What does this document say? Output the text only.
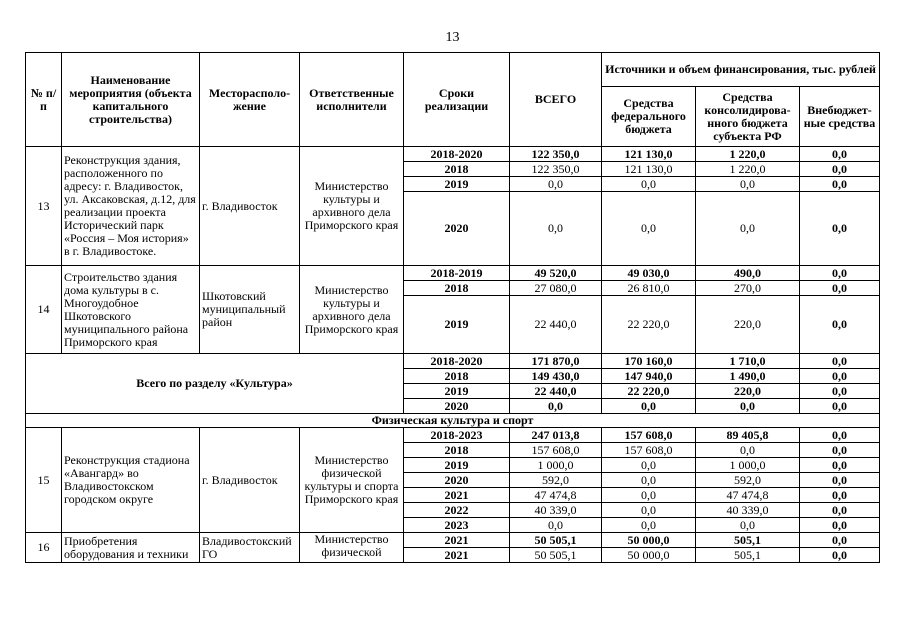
13
№ п/п	Наименование мероприятия (объекта капитального строительства)	Месторасполо-жение	Ответственные исполнители	Сроки реализации	ВСЕГО	Источники и объем финансирования, тыс. рублей		
						Средства федерального бюджета	Средства консолидирова-нного бюджета субъекта РФ	Внебюджет-ные средства
13	Реконструкция здания, расположенного по адресу: г. Владивосток, ул. Аксаковская, д.12, для реализации проекта Исторический парк «Россия – Моя история» в г. Владивостоке.	г. Владивосток	Министерство культуры и архивного дела Приморского края	2018-2020	122 350,0	121 130,0	1 220,0	0,0
				2018	122 350,0	121 130,0	1 220,0	0,0
				2019	0,0	0,0	0,0	0,0
				2020	0,0	0,0	0,0	0,0
14	Строительство здания дома культуры в с. Многоудобное Шкотовского муниципального района Приморского края	Шкотовский муниципальный район	Министерство культуры и архивного дела Приморского края	2018-2019	49 520,0	49 030,0	490,0	0,0
				2018	27 080,0	26 810,0	270,0	0,0
				2019	22 440,0	22 220,0	220,0	0,0
Всего по разделу «Культура»				2018-2020	171 870,0	170 160,0	1 710,0	0,0
				2018	149 430,0	147 940,0	1 490,0	0,0
				2019	22 440,0	22 220,0	220,0	0,0
				2020	0,0	0,0	0,0	0,0
Физическая культура и спорт								
15	Реконструкция стадиона «Авангард» во Владивостокском городском округе	г. Владивосток	Министерство физической культуры и спорта Приморского края	2018-2023	247 013,8	157 608,0	89 405,8	0,0
				2018	157 608,0	157 608,0	0,0	0,0
				2019	1 000,0	0,0	1 000,0	0,0
				2020	592,0	0,0	592,0	0,0
				2021	47 474,8	0,0	47 474,8	0,0
				2022	40 339,0	0,0	40 339,0	0,0
				2023	0,0	0,0	0,0	0,0
16	Приобретения оборудования и техники	Владивостокский ГО	Министерство физической	2021	50 505,1	50 000,0	505,1	0,0
				2021	50 505,1	50 000,0	505,1	0,0
